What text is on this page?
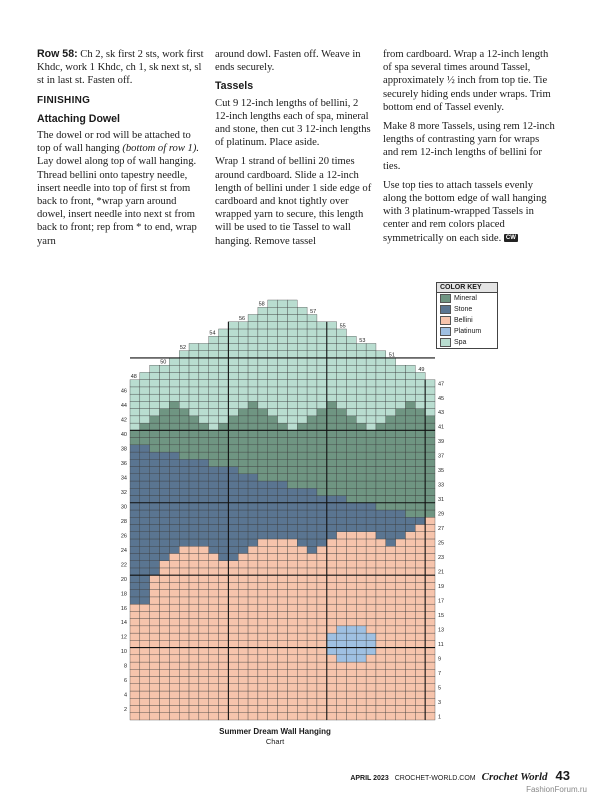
Row 58: Ch 2, sk first 2 sts, work first Khdc, work 1 Khdc, ch 1, sk next st, sl st in last st. Fasten off.

FINISHING
Attaching Dowel

The dowel or rod will be attached to top of wall hanging (bottom of row 1). Lay dowel along top of wall hanging. Thread bellini onto tapestry needle, insert needle into top of first st from back to front, *wrap yarn around dowel, insert needle into next st from back to front; rep from * to end, wrap yarn

around dowl. Fasten off. Weave in ends securely.

Tassels

Cut 9 12-inch lengths of bellini, 2 12-inch lengths each of spa, mineral and stone, then cut 3 12-inch lengths of platinum. Place aside.

Wrap 1 strand of bellini 20 times around cardboard. Slide a 12-inch length of bellini under 1 side edge of cardboard and knot tightly over wrapped yarn to secure, this length will be used to tie Tassel to wall hanging. Remove tassel

from cardboard. Wrap a 12-inch length of spa several times around Tassel, approximately ½ inch from top tie. Tie securely hiding ends under wraps. Trim bottom end of Tassel evenly.

Make 8 more Tassels, using rem 12-inch lengths of contrasting yarn for wraps and rem 12-inch lengths of bellini for ties.

Use top ties to attach tassels evenly along the bottom edge of wall hanging with 3 platinum-wrapped Tassels in center and rem colors placed symmetrically on each side. CW

2
4
6
8
10
12
14
16
18
20
22
24
26
28
30
32
34
36
38
40
42
44
46
48
50
52
54
56
58
1
3
5
7
9
11
13
15
17
19
21
23
25
27
29
31
33
35
37
39
41
43
45
47
49
51
53
55
57
COLOR KEY
Mineral
Stone
Bellini
Platinum
Spa
Summer Dream Wall Hanging
Chart
APRIL 2023 CROCHET-WORLD.COM Crochet World 43
FashionForum.ru
